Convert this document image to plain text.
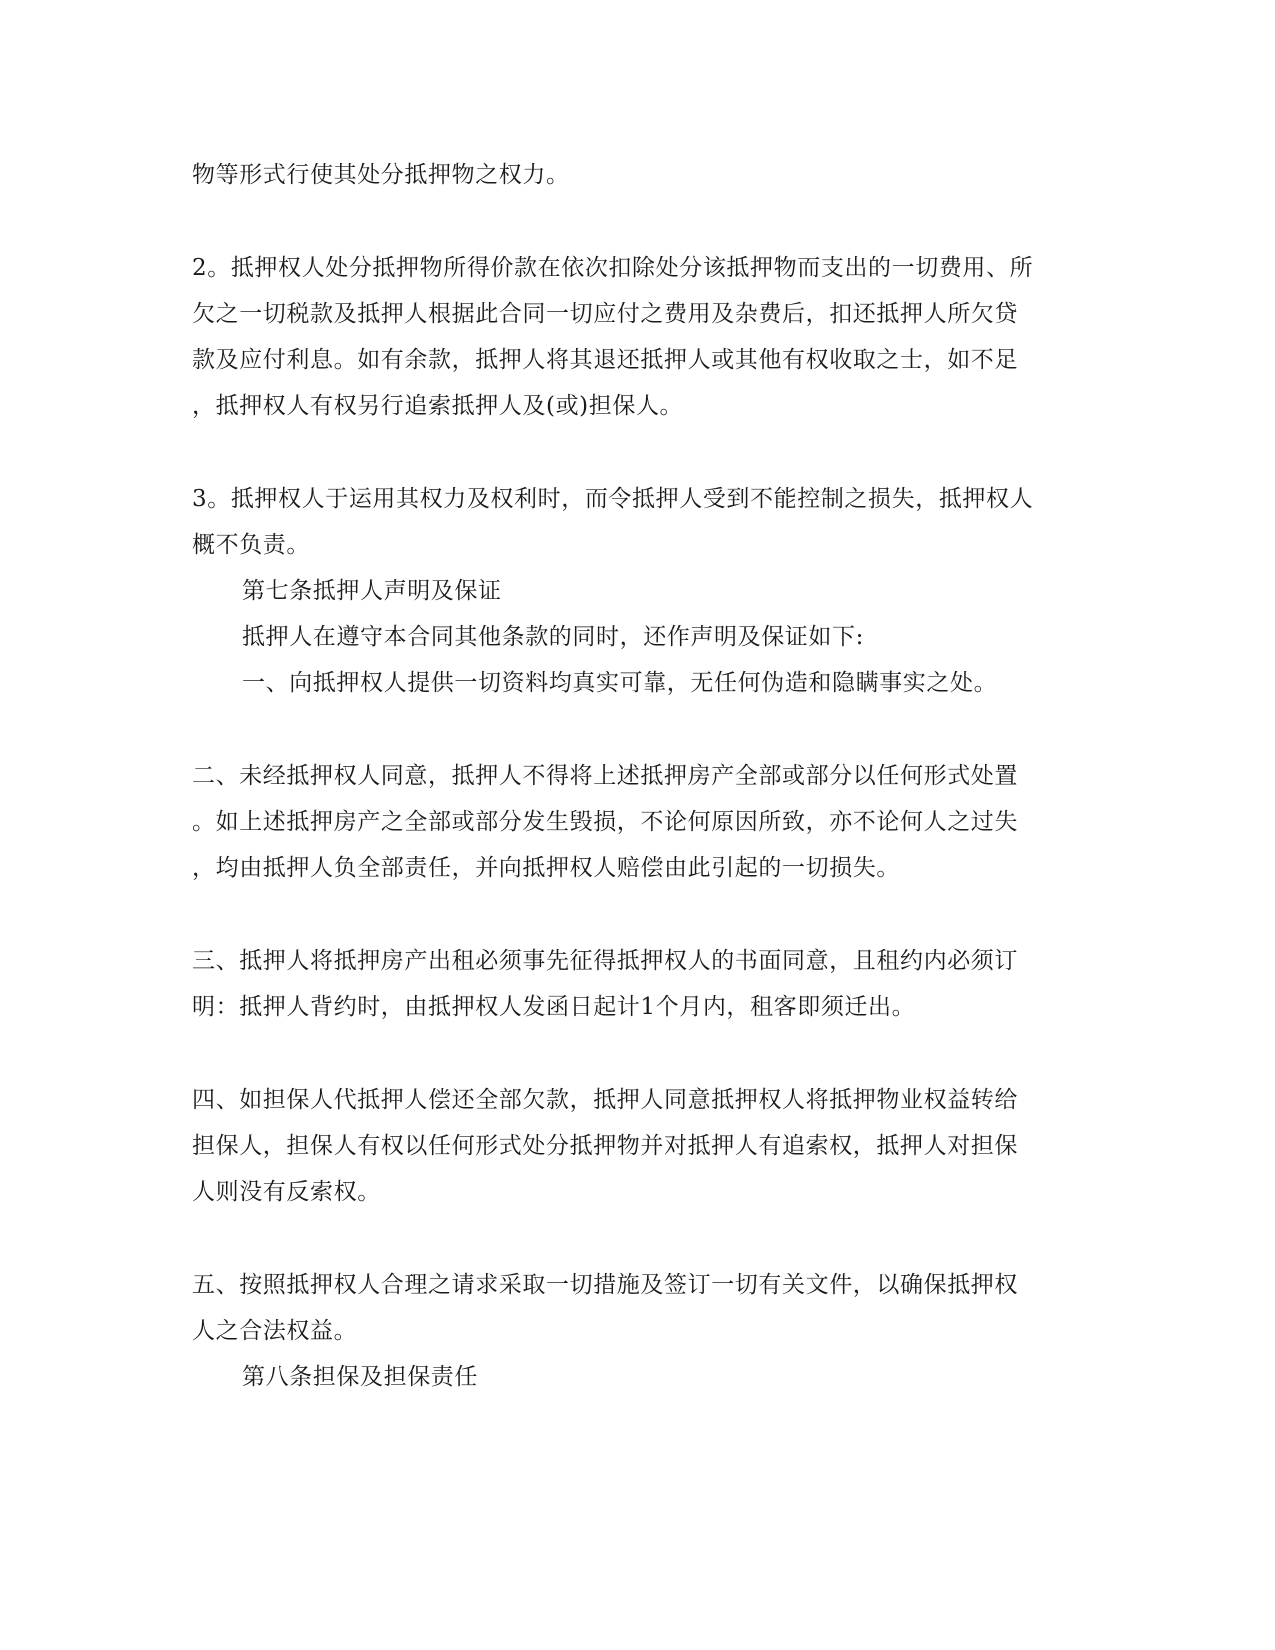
物等形式行使其处分抵押物之权力。
2。抵押权人处分抵押物所得价款在依次扣除处分该抵押物而支出的一切费用、所
欠之一切税款及抵押人根据此合同一切应付之费用及杂费后，扣还抵押人所欠贷
款及应付利息。如有余款，抵押人将其退还抵押人或其他有权收取之士，如不足
，抵押权人有权另行追索抵押人及(或)担保人。
3。抵押权人于运用其权力及权利时，而令抵押人受到不能控制之损失，抵押权人
概不负责。
第七条抵押人声明及保证
抵押人在遵守本合同其他条款的同时，还作声明及保证如下:
一、向抵押权人提供一切资料均真实可靠，无任何伪造和隐瞒事实之处。
二、未经抵押权人同意，抵押人不得将上述抵押房产全部或部分以任何形式处置
。如上述抵押房产之全部或部分发生毁损，不论何原因所致，亦不论何人之过失
，均由抵押人负全部责任，并向抵押权人赔偿由此引起的一切损失。
三、抵押人将抵押房产出租必须事先征得抵押权人的书面同意，且租约内必须订
明：抵押人背约时，由抵押权人发函日起计1个月内，租客即须迁出。
四、如担保人代抵押人偿还全部欠款，抵押人同意抵押权人将抵押物业权益转给
担保人，担保人有权以任何形式处分抵押物并对抵押人有追索权，抵押人对担保
人则没有反索权。
五、按照抵押权人合理之请求采取一切措施及签订一切有关文件，以确保抵押权
人之合法权益。
第八条担保及担保责任
